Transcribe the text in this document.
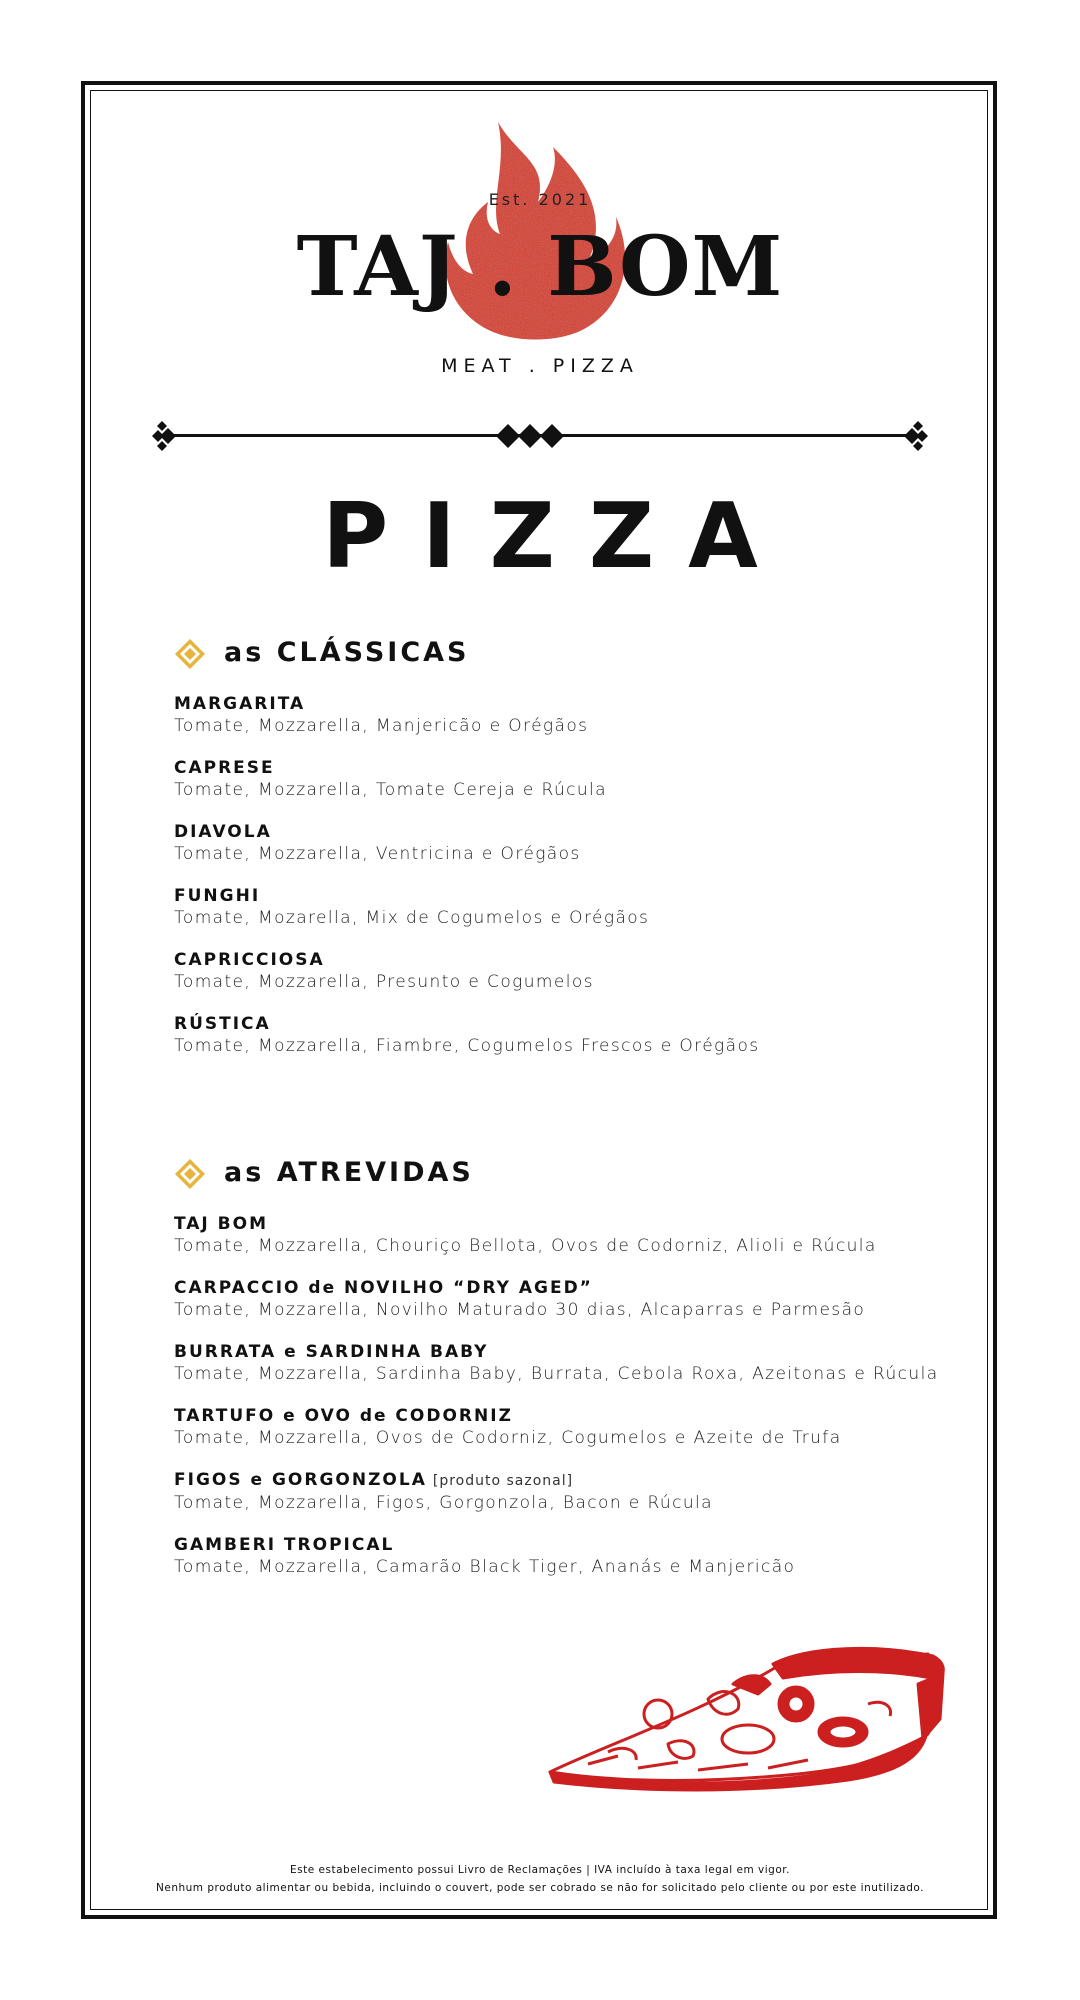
Est. 2021
TAJ . BOM
MEAT . PIZZA
PIZZA
as CLÁSSICAS
MARGARITA
Tomate, Mozzarella, Manjericão e Orégãos
CAPRESE
Tomate, Mozzarella, Tomate Cereja e Rúcula
DIAVOLA
Tomate, Mozzarella, Ventricina e Orégãos
FUNGHI
Tomate, Mozarella, Mix de Cogumelos e Orégãos
CAPRICCIOSA
Tomate, Mozzarella, Presunto e Cogumelos
RÚSTICA
Tomate, Mozzarella, Fiambre, Cogumelos Frescos e Orégãos
as ATREVIDAS
TAJ BOM
Tomate, Mozzarella, Chouriço Bellota, Ovos de Codorniz, Alioli e Rúcula
CARPACCIO de NOVILHO “DRY AGED”
Tomate, Mozzarella, Novilho Maturado 30 dias, Alcaparras e Parmesão
BURRATA e SARDINHA BABY
Tomate, Mozzarella, Sardinha Baby, Burrata, Cebola Roxa, Azeitonas e Rúcula
TARTUFO e OVO de CODORNIZ
Tomate, Mozzarella, Ovos de Codorniz, Cogumelos e Azeite de Trufa
FIGOS e GORGONZOLA [produto sazonal]
Tomate, Mozzarella, Figos, Gorgonzola, Bacon e Rúcula
GAMBERI TROPICAL
Tomate, Mozzarella, Camarão Black Tiger, Ananás e Manjericão
Este estabelecimento possui Livro de Reclamações | IVA incluído à taxa legal em vigor.
Nenhum produto alimentar ou bebida, incluindo o couvert, pode ser cobrado se não for solicitado pelo cliente ou por este inutilizado.
